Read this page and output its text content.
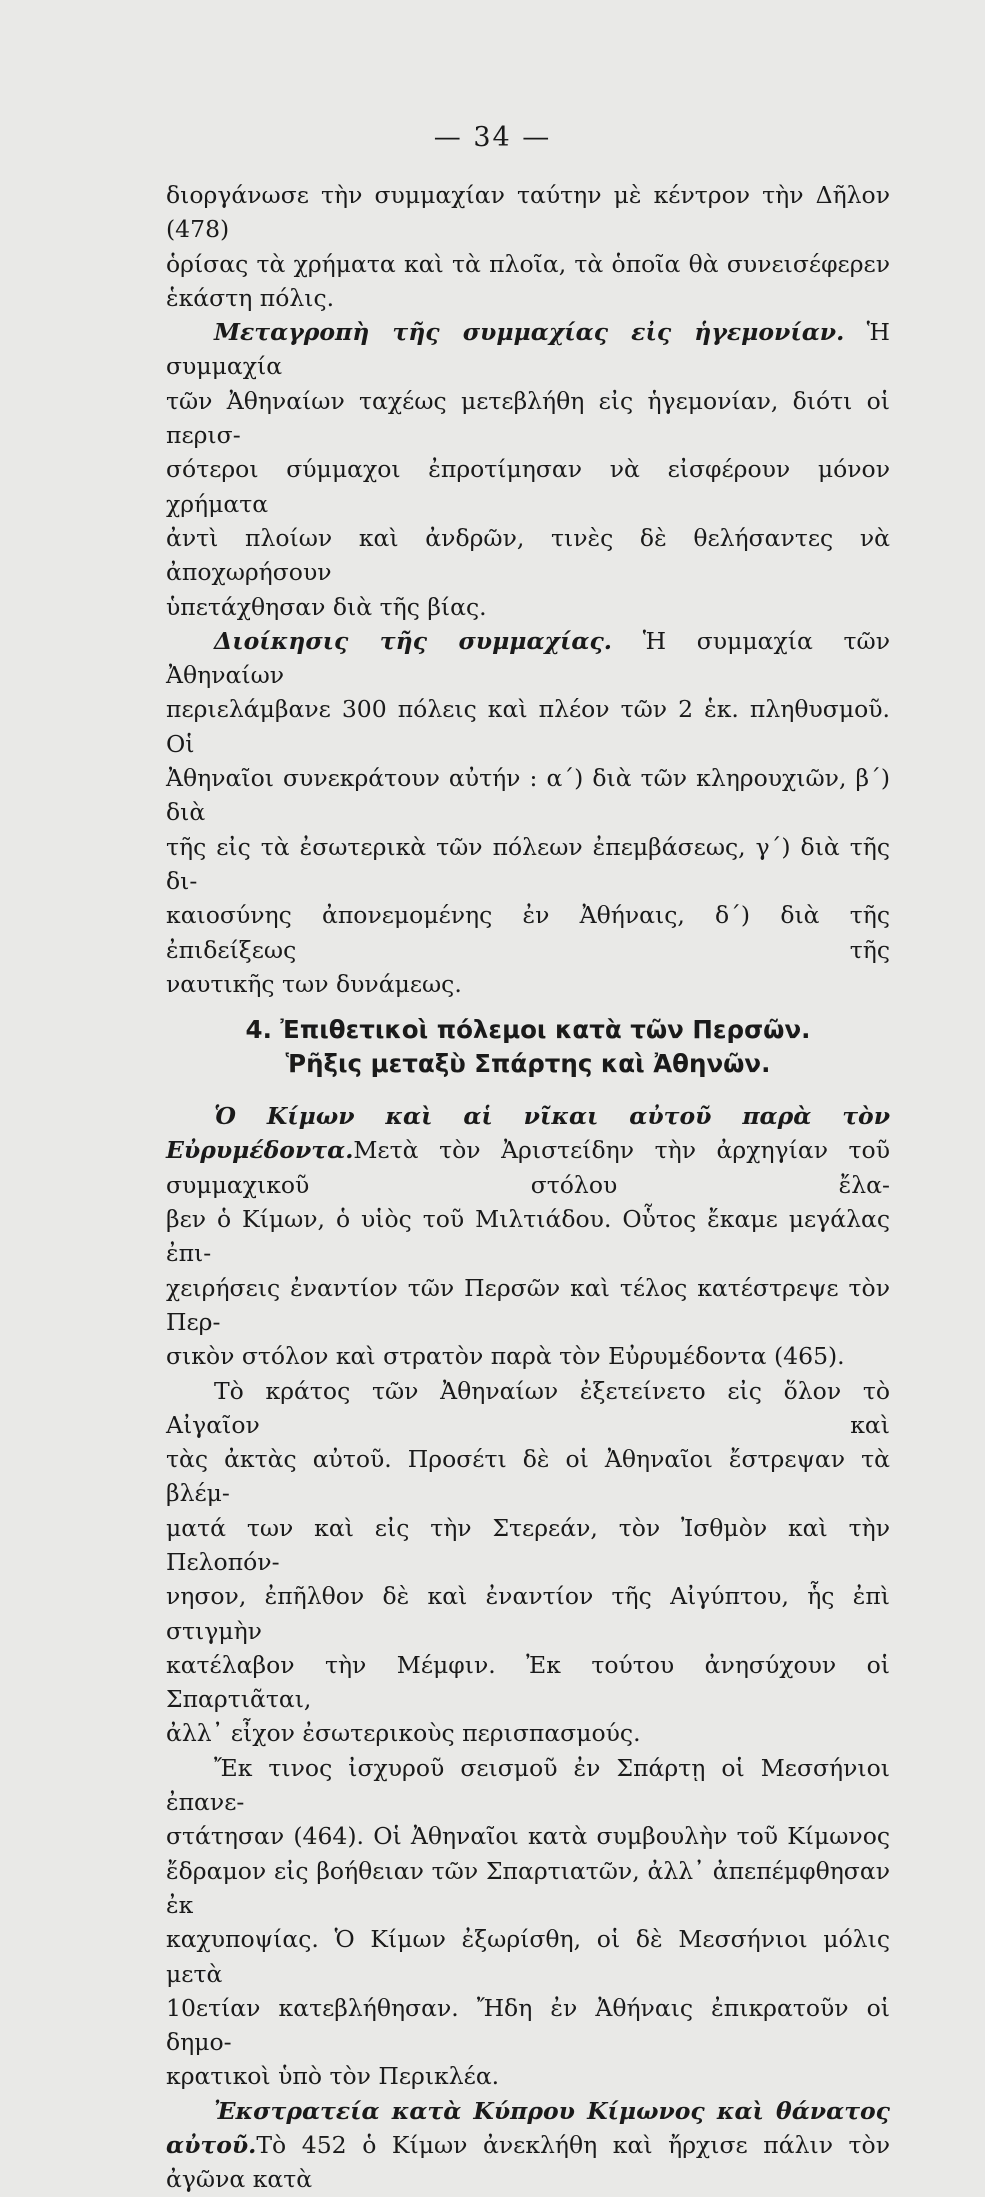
— 34 —

διοργάνωσε τὴν συμμαχίαν ταύτην μὲ κέντρον τὴν Δῆλον (478)

ὁρίσας τὰ χρήματα καὶ τὰ πλοῖα, τὰ ὁποῖα θὰ συνεισέφερεν

ἑκάστη πόλις.

Μεταγροπὴ τῆς συμμαχίας εἰς ἡγεμονίαν. Ἡ συμμαχία

τῶν Ἀθηναίων ταχέως μετεβλήθη εἰς ἡγεμονίαν, διότι οἱ περισ-

σότεροι σύμμαχοι ἐπροτίμησαν νὰ εἰσφέρουν μόνον χρήματα

ἀντὶ πλοίων καὶ ἀνδρῶν, τινὲς δὲ θελήσαντες νὰ ἀποχωρήσουν

ὑπετάχθησαν διὰ τῆς βίας.

Διοίκησις τῆς συμμαχίας. Ἡ συμμαχία τῶν Ἀθηναίων

περιελάμβανε 300 πόλεις καὶ πλέον τῶν 2 ἑκ. πληθυσμοῦ. Οἱ

Ἀθηναῖοι συνεκράτουν αὐτήν : α΄) διὰ τῶν κληρουχιῶν, β΄) διὰ

τῆς εἰς τὰ ἐσωτερικὰ τῶν πόλεων ἐπεμβάσεως, γ΄) διὰ τῆς δι-

καιοσύνης ἀπονεμομένης ἐν Ἀθήναις, δ΄) διὰ τῆς ἐπιδείξεως τῆς

ναυτικῆς των δυνάμεως.

4. Ἐπιθετικοὶ πόλεμοι κατὰ τῶν Περσῶν.
Ῥῆξις μεταξὺ Σπάρτης καὶ Ἀθηνῶν.

Ὁ Κίμων καὶ αἱ νῖκαι αὐτοῦ παρὰ τὸν Εὐρυμέδοντα.Μετὰ τὸν Ἀριστείδην τὴν ἀρχηγίαν τοῦ συμμαχικοῦ στόλου ἔλα-

βεν ὁ Κίμων, ὁ υἱὸς τοῦ Μιλτιάδου. Οὗτος ἔκαμε μεγάλας ἐπι-

χειρήσεις ἐναντίον τῶν Περσῶν καὶ τέλος κατέστρεψε τὸν Περ-

σικὸν στόλον καὶ στρατὸν παρὰ τὸν Εὐρυμέδοντα (465).

Τὸ κράτος τῶν Ἀθηναίων ἐξετείνετο εἰς ὅλον τὸ Αἰγαῖον καὶ

τὰς ἀκτὰς αὐτοῦ. Προσέτι δὲ οἱ Ἀθηναῖοι ἔστρεψαν τὰ βλέμ-

ματά των καὶ εἰς τὴν Στερεάν, τὸν Ἰσθμὸν καὶ τὴν Πελοπόν-

νησον, ἐπῆλθον δὲ καὶ ἐναντίον τῆς Αἰγύπτου, ἧς ἐπὶ στιγμὴν

κατέλαβον τὴν Μέμφιν. Ἐκ τούτου ἀνησύχουν οἱ Σπαρτιᾶται,

ἀλλ᾽ εἶχον ἐσωτερικοὺς περισπασμούς.

Ἔκ τινος ἰσχυροῦ σεισμοῦ ἐν Σπάρτῃ οἱ Μεσσήνιοι ἐπανε-

στάτησαν (464). Οἱ Ἀθηναῖοι κατὰ συμβουλὴν τοῦ Κίμωνος

ἔδραμον εἰς βοήθειαν τῶν Σπαρτιατῶν, ἀλλ᾽ ἀπεπέμφθησαν ἐκ

καχυποψίας. Ὁ Κίμων ἐξωρίσθη, οἱ δὲ Μεσσήνιοι μόλις μετὰ

10ετίαν κατεβλήθησαν. Ἤδη ἐν Ἀθήναις ἐπικρατοῦν οἱ δημο-

κρατικοὶ ὑπὸ τὸν Περικλέα.

Ἐκστρατεία κατὰ Κύπρου Κίμωνος καὶ θάνατος αὐτοῦ.Τὸ 452 ὁ Κίμων ἀνεκλήθη καὶ ἤρχισε πάλιν τὸν ἀγῶνα κατὰ
